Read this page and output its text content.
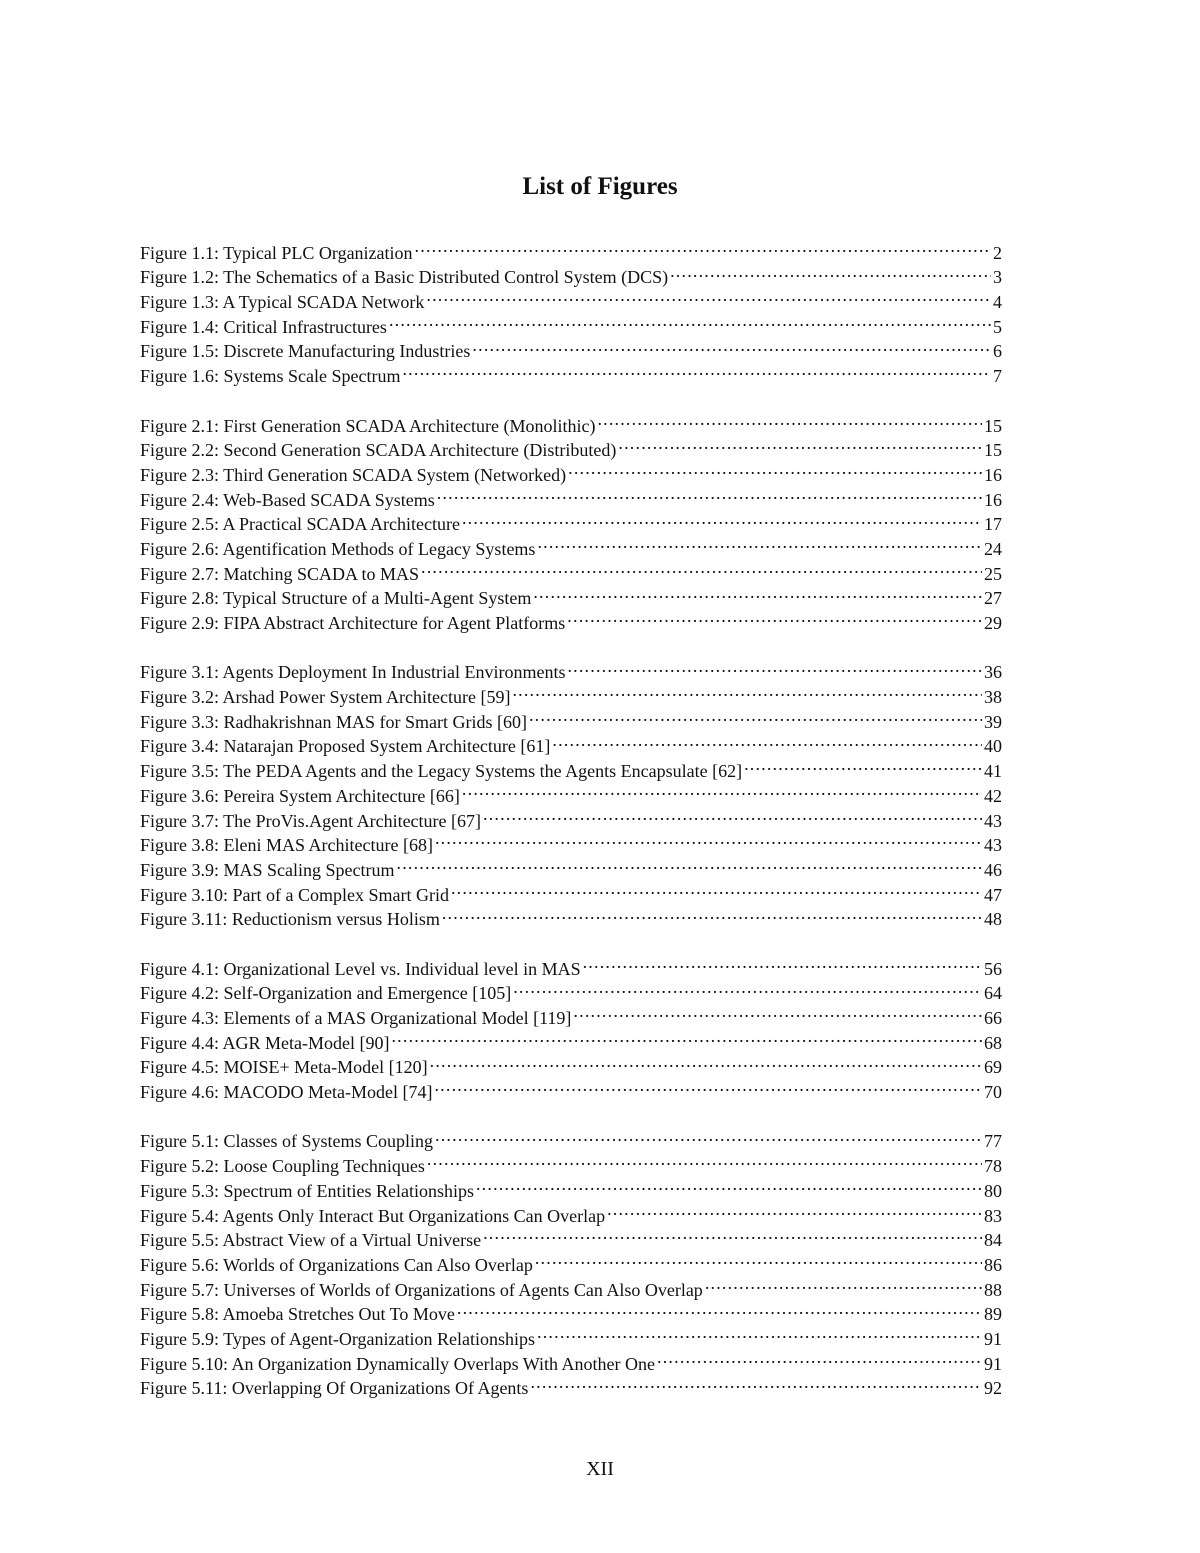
List of Figures
Figure 1.1: Typical PLC Organization .....	2
Figure 1.2: The Schematics of a Basic Distributed Control System (DCS) .....	3
Figure 1.3: A Typical SCADA Network .....	4
Figure 1.4: Critical Infrastructures .....	5
Figure 1.5: Discrete Manufacturing Industries .....	6
Figure 1.6: Systems Scale Spectrum .....	7
Figure 2.1: First Generation SCADA Architecture (Monolithic) .....	15
Figure 2.2: Second Generation SCADA Architecture (Distributed) .....	15
Figure 2.3: Third Generation SCADA System (Networked) .....	16
Figure 2.4: Web-Based SCADA Systems .....	16
Figure 2.5: A Practical SCADA Architecture .....	17
Figure 2.6: Agentification Methods of Legacy Systems .....	24
Figure 2.7: Matching SCADA to MAS .....	25
Figure 2.8: Typical Structure of a Multi-Agent System .....	27
Figure 2.9: FIPA Abstract Architecture for Agent Platforms .....	29
Figure 3.1: Agents Deployment In Industrial Environments .....	36
Figure 3.2: Arshad Power System Architecture [59] .....	38
Figure 3.3: Radhakrishnan MAS for Smart Grids [60] .....	39
Figure 3.4: Natarajan Proposed System Architecture [61] .....	40
Figure 3.5: The PEDA Agents and the Legacy Systems the Agents Encapsulate [62] .....	41
Figure 3.6: Pereira System Architecture [66] .....	42
Figure 3.7: The ProVis.Agent Architecture [67] .....	43
Figure 3.8: Eleni MAS Architecture [68] .....	43
Figure 3.9: MAS Scaling Spectrum .....	46
Figure 3.10: Part of a Complex Smart Grid .....	47
Figure 3.11: Reductionism versus Holism .....	48
Figure 4.1: Organizational Level vs. Individual level in MAS .....	56
Figure 4.2: Self-Organization and Emergence [105] .....	64
Figure 4.3: Elements of a MAS Organizational Model [119] .....	66
Figure 4.4: AGR Meta-Model [90] .....	68
Figure 4.5: MOISE+ Meta-Model [120] .....	69
Figure 4.6: MACODO Meta-Model [74] .....	70
Figure 5.1: Classes of Systems Coupling .....	77
Figure 5.2: Loose Coupling Techniques .....	78
Figure 5.3: Spectrum of Entities Relationships .....	80
Figure 5.4: Agents Only Interact But Organizations Can Overlap .....	83
Figure 5.5: Abstract View of a Virtual Universe .....	84
Figure 5.6: Worlds of Organizations Can Also Overlap .....	86
Figure 5.7: Universes of Worlds of Organizations of Agents Can Also Overlap .....	88
Figure 5.8: Amoeba Stretches Out To Move .....	89
Figure 5.9: Types of Agent-Organization Relationships .....	91
Figure 5.10: An Organization Dynamically Overlaps With Another One .....	91
Figure 5.11: Overlapping Of Organizations Of Agents .....	92
XII
